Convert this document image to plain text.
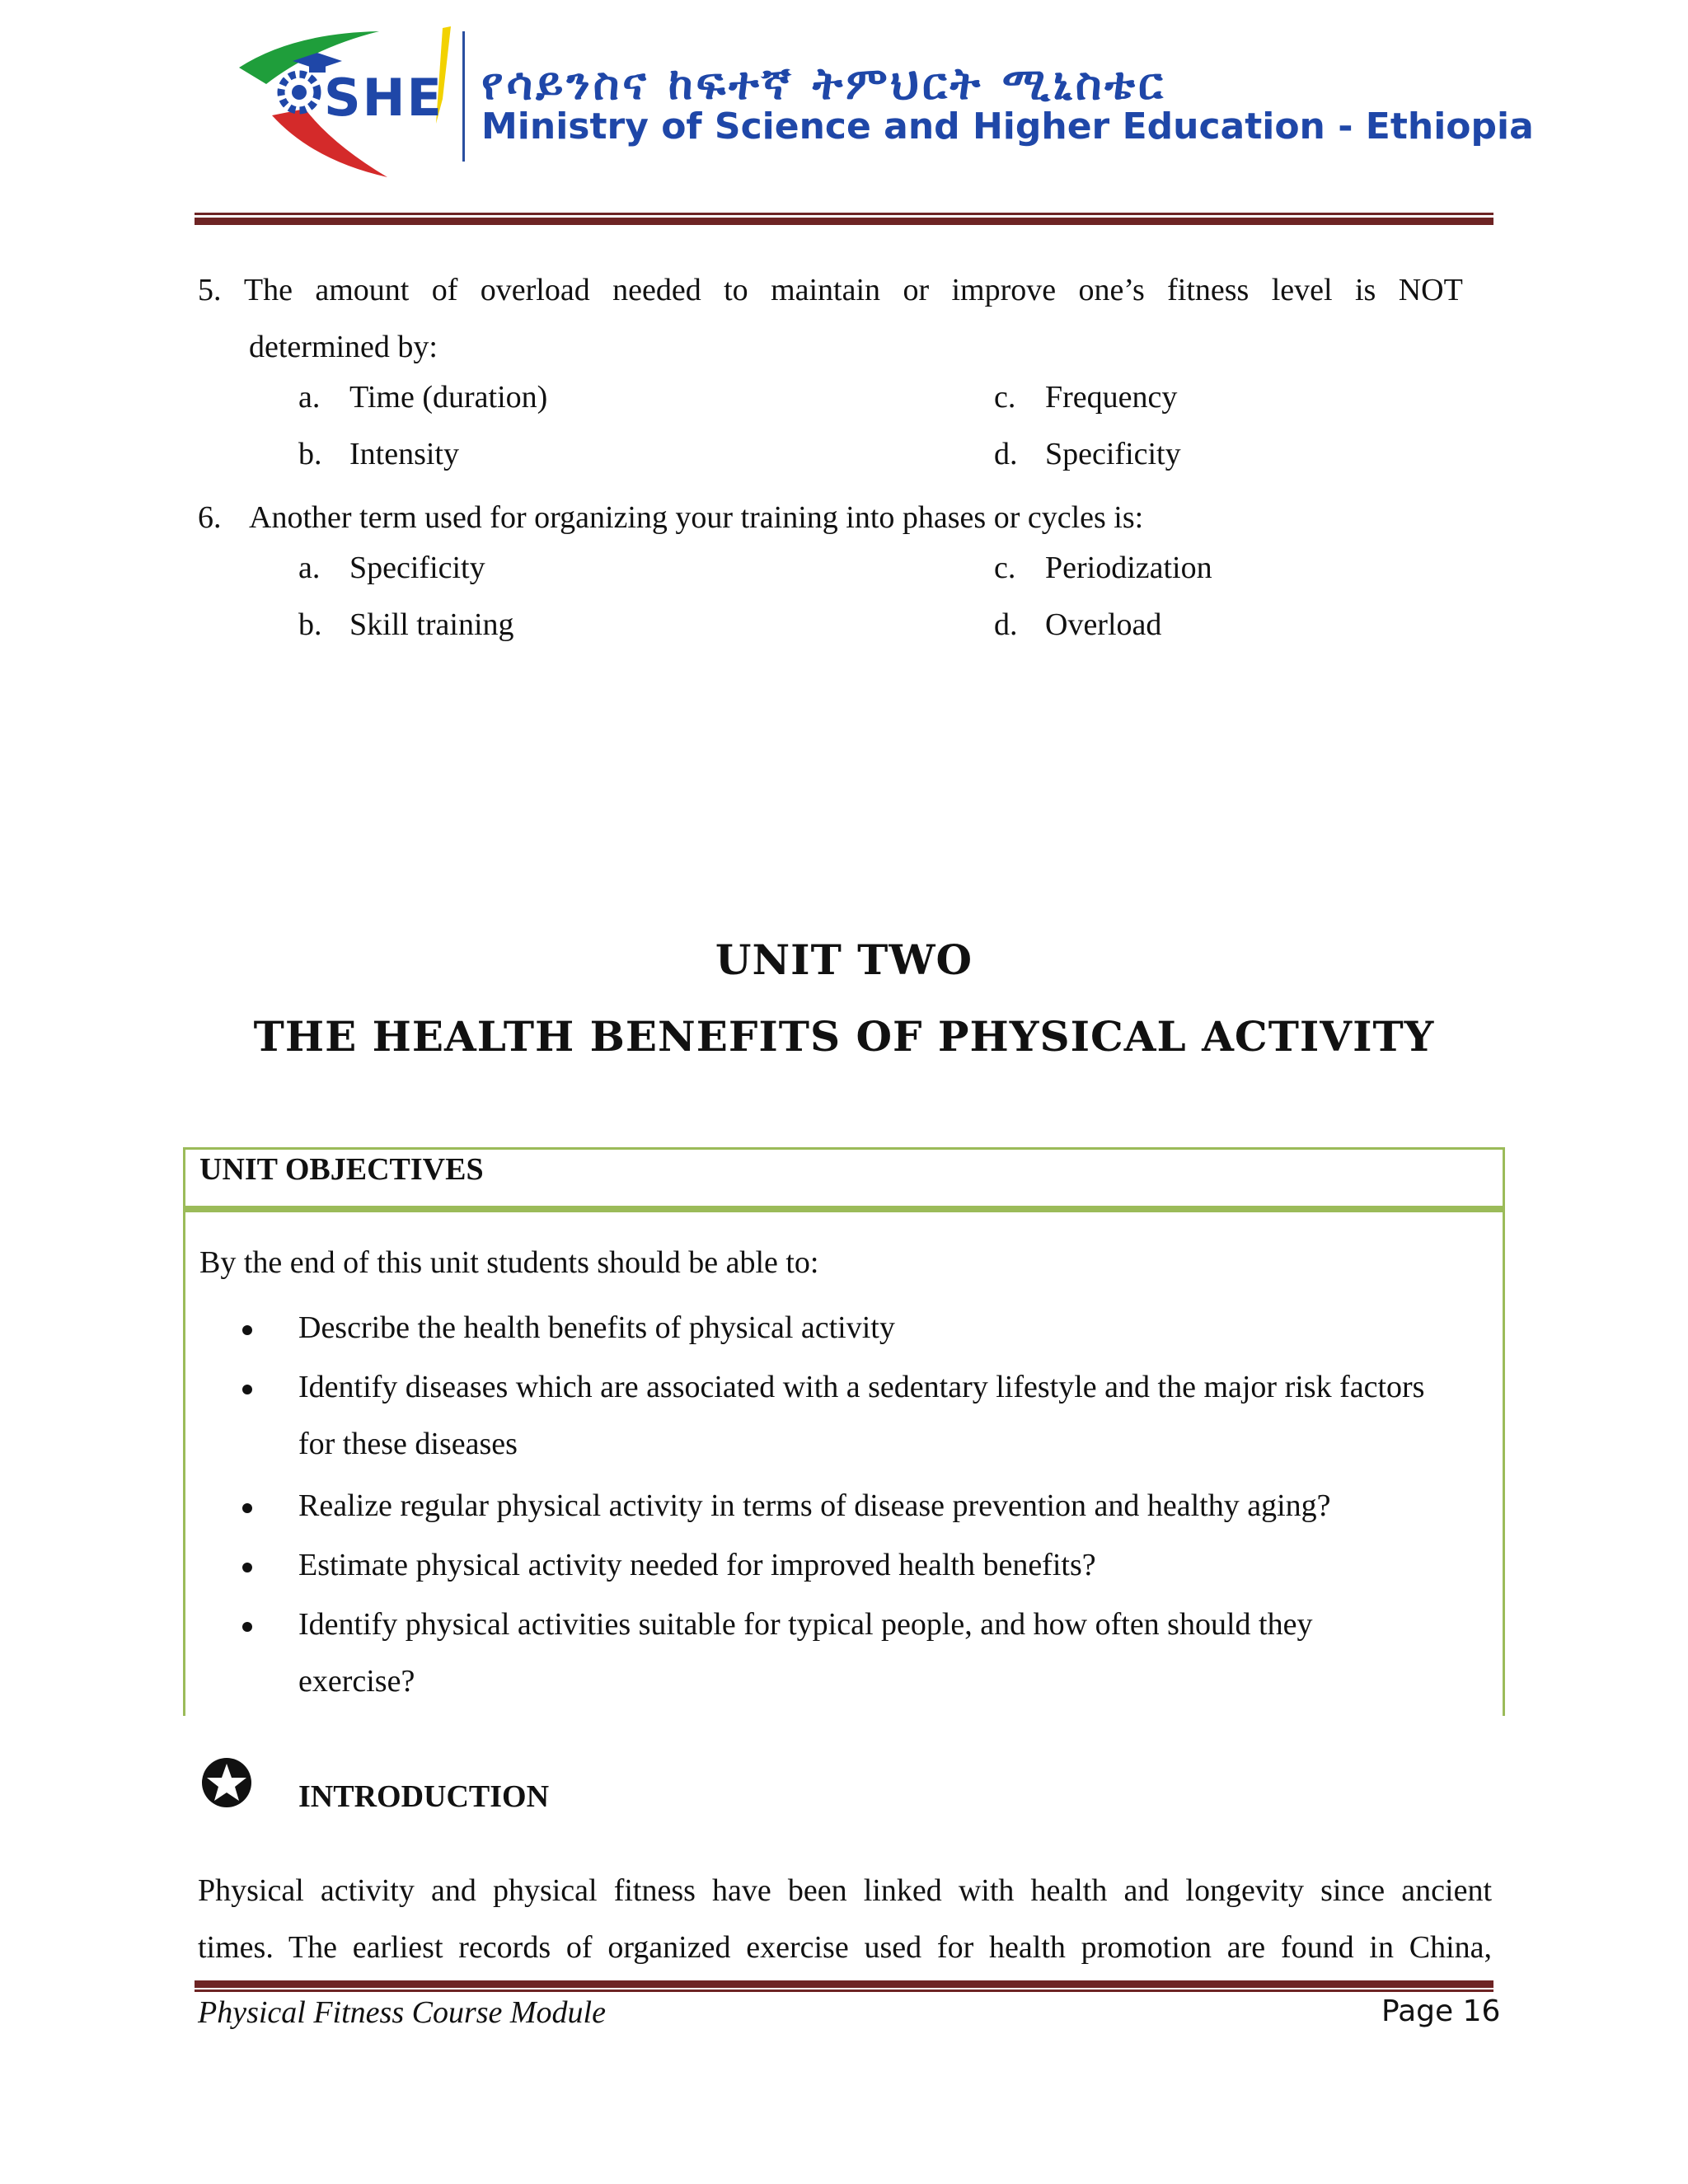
SHE የሳይንስና ከፍተኛ ትምህርት ሚኒስቴር
Ministry of Science and Higher Education - Ethiopia
5. The amount of overload needed to maintain or improve one’s fitness level is NOT
determined by:
a. Time (duration)
b. Intensity
c. Frequency
d. Specificity
6. Another term used for organizing your training into phases or cycles is:
a. Specificity
b. Skill training
c. Periodization
d. Overload
UNIT TWO
THE HEALTH BENEFITS OF PHYSICAL ACTIVITY
UNIT OBJECTIVES
By the end of this unit students should be able to:
Describe the health benefits of physical activity
Identify diseases which are associated with a sedentary lifestyle and the major risk factors
for these diseases
Realize regular physical activity in terms of disease prevention and healthy aging?
Estimate physical activity needed for improved health benefits?
Identify physical activities suitable for typical people, and how often should they
exercise?
INTRODUCTION
Physical activity and physical fitness have been linked with health and longevity since ancient
times. The earliest records of organized exercise used for health promotion are found in China,
Physical Fitness Course Module	Page 16
